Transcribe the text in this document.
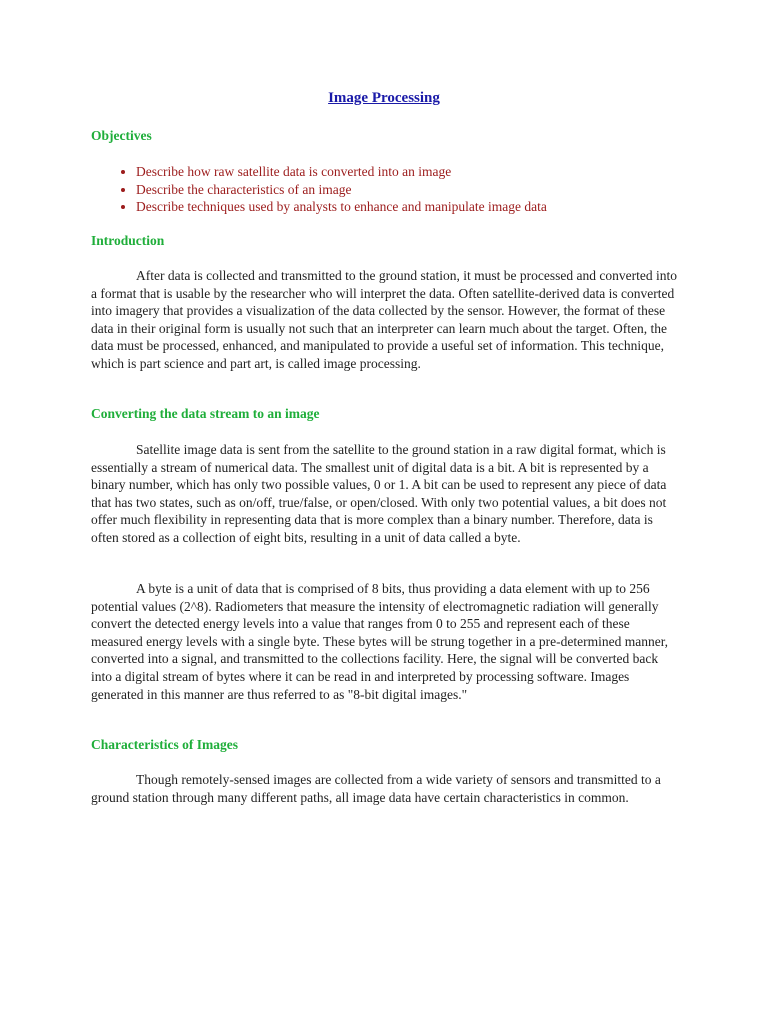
Image Processing
Objectives
• Describe how raw satellite data is converted into an image
• Describe the characteristics of an image
• Describe techniques used by analysts to enhance and manipulate image data
Introduction

After data is collected and transmitted to the ground station, it must be processed and converted into a format that is usable by the researcher who will interpret the data. Often satellite-derived data is converted into imagery that provides a visualization of the data collected by the sensor. However, the format of these data in their original form is usually not such that an interpreter can learn much about the target. Often, the data must be processed, enhanced, and manipulated to provide a useful set of information. This technique, which is part science and part art, is called image processing.

Converting the data stream to an image

Satellite image data is sent from the satellite to the ground station in a raw digital format, which is essentially a stream of numerical data. The smallest unit of digital data is a bit. A bit is represented by a binary number, which has only two possible values, 0 or 1. A bit can be used to represent any piece of data that has two states, such as on/off, true/false, or open/closed. With only two potential values, a bit does not offer much flexibility in representing data that is more complex than a binary number. Therefore, data is often stored as a collection of eight bits, resulting in a unit of data called a byte.

A byte is a unit of data that is comprised of 8 bits, thus providing a data element with up to 256 potential values (2^8). Radiometers that measure the intensity of electromagnetic radiation will generally convert the detected energy levels into a value that ranges from 0 to 255 and represent each of these measured energy levels with a single byte. These bytes will be strung together in a pre-determined manner, converted into a signal, and transmitted to the collections facility. Here, the signal will be converted back into a digital stream of bytes where it can be read in and interpreted by processing software. Images generated in this manner are thus referred to as "8-bit digital images."

Characteristics of Images

Though remotely-sensed images are collected from a wide variety of sensors and transmitted to a ground station through many different paths, all image data have certain characteristics in common.
